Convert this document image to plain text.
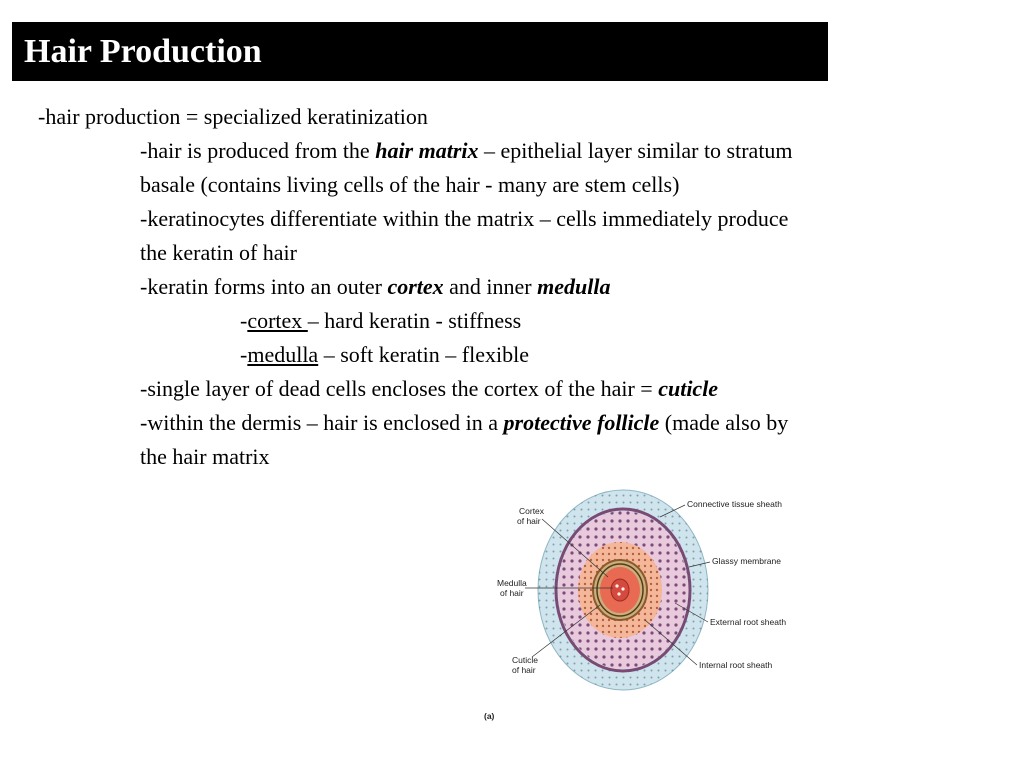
Hair Production
-hair production = specialized keratinization
-hair is produced from the hair matrix – epithelial layer similar to stratum
basale (contains living cells of the hair - many are stem cells)
-keratinocytes differentiate within the matrix – cells immediately produce
the keratin of hair
-keratin forms into an outer cortex and inner medulla
-cortex – hard keratin - stiffness
-medulla – soft keratin – flexible
-single layer of dead cells encloses the cortex of the hair = cuticle
-within the dermis – hair is enclosed in a protective follicle (made also by
the hair matrix
Cortex
of hair
Medulla
of hair
Cuticle
of hair
Connective tissue sheath
Glassy membrane
External root sheath
Internal root sheath
(a)
